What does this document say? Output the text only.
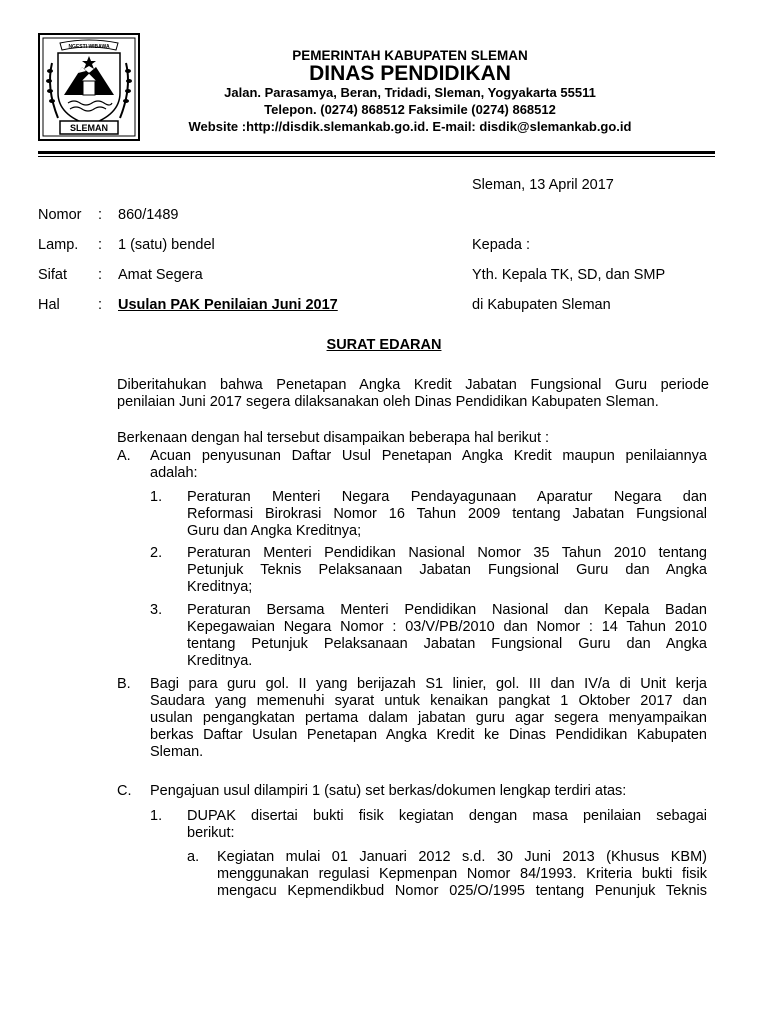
NGESTI WIBAWA
SLEMAN
PEMERINTAH KABUPATEN SLEMAN
DINAS PENDIDIKAN
Jalan. Parasamya, Beran, Tridadi, Sleman, Yogyakarta 55511
Telepon. (0274) 868512 Faksimile (0274) 868512
Website :http://disdik.slemankab.go.id. E-mail: disdik@slemankab.go.id
Sleman, 13 April 2017
Nomor : 860/1489
Lamp. : 1 (satu) bendel
Sifat : Amat Segera
Hal	: Usulan PAK Penilaian Juni 2017
Kepada :
Yth. Kepala TK, SD, dan SMP
di Kabupaten Sleman
SURAT EDARAN
Diberitahukan bahwa Penetapan Angka Kredit Jabatan Fungsional Guru periode
penilaian Juni 2017 segera dilaksanakan oleh Dinas Pendidikan Kabupaten Sleman.
Berkenaan dengan hal tersebut disampaikan beberapa hal berikut :
A. Acuan penyusunan Daftar Usul Penetapan Angka Kredit maupun penilaiannya
adalah:
1. Peraturan Menteri Negara Pendayagunaan Aparatur Negara dan
Reformasi Birokrasi Nomor 16 Tahun 2009 tentang Jabatan Fungsional
Guru dan Angka Kreditnya;
2. Peraturan Menteri Pendidikan Nasional Nomor 35 Tahun 2010 tentang
Petunjuk Teknis Pelaksanaan Jabatan Fungsional Guru dan Angka
Kreditnya;
3. Peraturan Bersama Menteri Pendidikan Nasional dan Kepala Badan
Kepegawaian Negara Nomor : 03/V/PB/2010 dan Nomor : 14 Tahun 2010
tentang Petunjuk Pelaksanaan Jabatan Fungsional Guru dan Angka
Kreditnya.
B. Bagi para guru gol. II yang berijazah S1 linier, gol. III dan IV/a di Unit kerja
Saudara yang memenuhi syarat untuk kenaikan pangkat 1 Oktober 2017 dan
usulan pengangkatan pertama dalam jabatan guru agar segera menyampaikan
berkas Daftar Usulan Penetapan Angka Kredit ke Dinas Pendidikan Kabupaten
Sleman.
C. Pengajuan usul dilampiri 1 (satu) set berkas/dokumen lengkap terdiri atas:
1. DUPAK disertai bukti fisik kegiatan dengan masa penilaian sebagai
berikut:
a. Kegiatan mulai 01 Januari 2012 s.d. 30 Juni 2013 (Khusus KBM)
menggunakan regulasi Kepmenpan Nomor 84/1993. Kriteria bukti fisik
mengacu Kepmendikbud Nomor 025/O/1995 tentang Penunjuk Teknis
